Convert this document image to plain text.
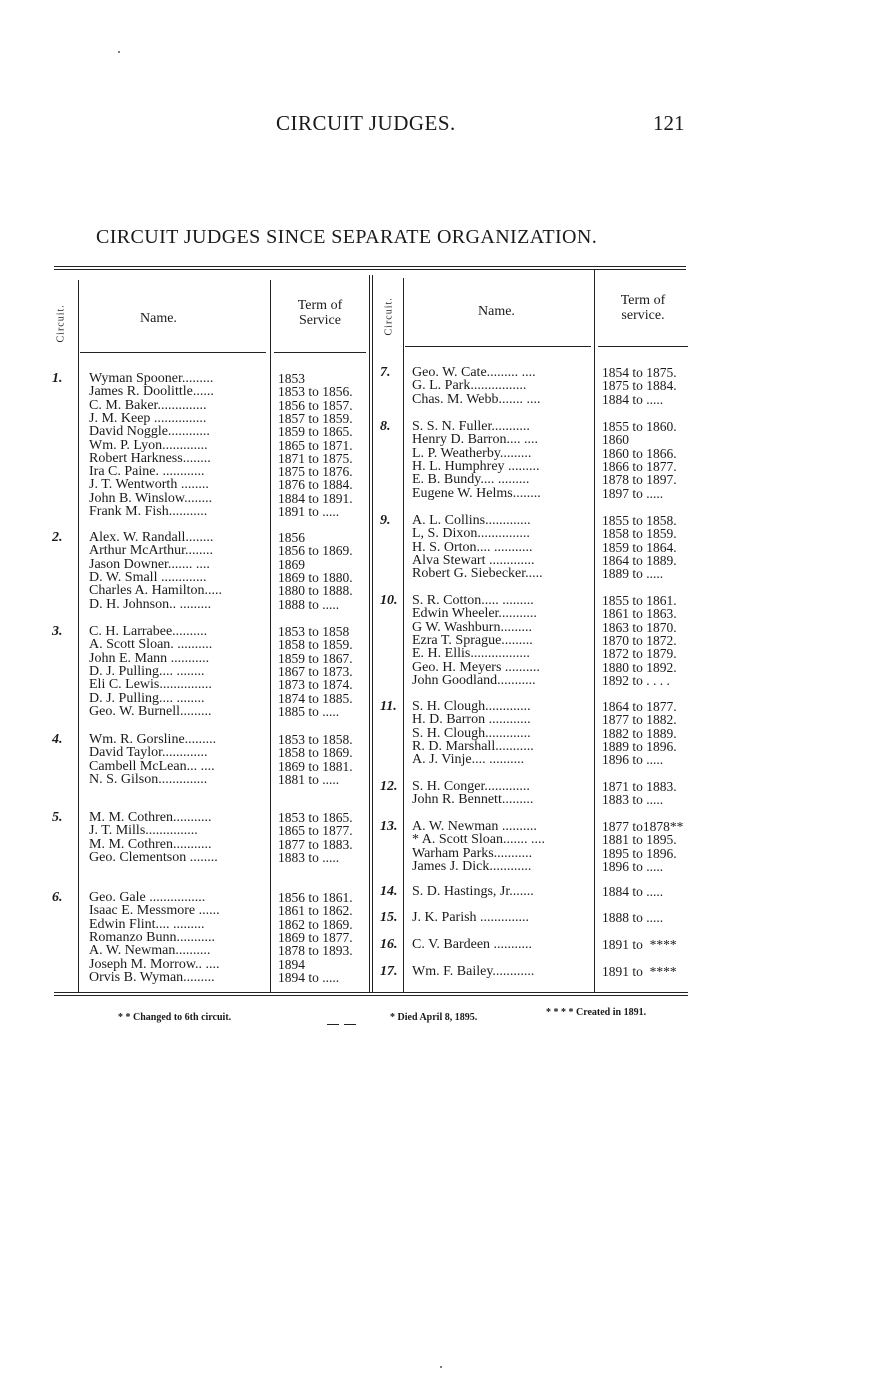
CIRCUIT JUDGES.	121
CIRCUIT JUDGES SINCE SEPARATE ORGANIZATION.
Circuit.	Name.
Term of
Service	Circuit.	Name.
Term of
service.
1. Wyman Spooner.........	1853
James R. Doolittle......	1853 to 1856.
C. M. Baker..............	1856 to 1857.
J. M. Keep ...............	1857 to 1859.
David Noggle............	1859 to 1865.
Wm. P. Lyon.............	1865 to 1871.
Robert Harkness........	1871 to 1875.
Ira C. Paine. ............	1875 to 1876.
J. T. Wentworth ........	1876 to 1884.
John B. Winslow........	1884 to 1891.
Frank M. Fish...........	1891 to .....
2. Alex. W. Randall........	1856
Arthur McArthur........	1856 to 1869.
Jason Downer....... ....	1869
D. W. Small .............	1869 to 1880.
Charles A. Hamilton.....	1880 to 1888.
D. H. Johnson.. .........	1888 to .....
3. C. H. Larrabee..........	1853 to 1858
A. Scott Sloan. ..........	1858 to 1859.
John E. Mann ...........	1859 to 1867.
D. J. Pulling.... ........	1867 to 1873.
Eli C. Lewis...............	1873 to 1874.
D. J. Pulling.... ........	1874 to 1885.
Geo. W. Burnell.........	1885 to .....
4. Wm. R. Gorsline.........	1853 to 1858.
David Taylor.............	1858 to 1869.
Cambell McLean... ....	1869 to 1881.
N. S. Gilson..............	1881 to .....
5. M. M. Cothren...........	1853 to 1865.
J. T. Mills...............	1865 to 1877.
M. M. Cothren...........	1877 to 1883.
Geo. Clementson ........	1883 to .....
6. Geo. Gale ................	1856 to 1861.
Isaac E. Messmore ......	1861 to 1862.
Edwin Flint.... .........	1862 to 1869.
Romanzo Bunn...........	1869 to 1877.
A. W. Newman..........	1878 to 1893.
Joseph M. Morrow.. ....	1894
Orvis B. Wyman.........	1894 to .....
7. Geo. W. Cate......... ....	1854 to 1875.
G. L. Park................	1875 to 1884.
Chas. M. Webb....... ....	1884 to .....
8. S. S. N. Fuller...........	1855 to 1860.
Henry D. Barron.... ....	1860
L. P. Weatherby.........	1860 to 1866.
H. L. Humphrey .........	1866 to 1877.
E. B. Bundy.... .........	1878 to 1897.
Eugene W. Helms........	1897 to .....
9. A. L. Collins.............	1855 to 1858.
L, S. Dixon...............	1858 to 1859.
H. S. Orton.... ...........	1859 to 1864.
Alva Stewart .............	1864 to 1889.
Robert G. Siebecker.....	1889 to .....
10. S. R. Cotton..... .........	1855 to 1861.
Edwin Wheeler...........	1861 to 1863.
G W. Washburn.........	1863 to 1870.
Ezra T. Sprague.........	1870 to 1872.
E. H. Ellis.................	1872 to 1879.
Geo. H. Meyers ..........	1880 to 1892.
John Goodland...........	1892 to . . . .
11. S. H. Clough.............	1864 to 1877.
H. D. Barron ............	1877 to 1882.
S. H. Clough.............	1882 to 1889.
R. D. Marshall...........	1889 to 1896.
A. J. Vinje.... ..........	1896 to .....
12. S. H. Conger.............	1871 to 1883.
John R. Bennett.........	1883 to .....
13. A. W. Newman ..........	1877 to1878**
* A. Scott Sloan....... ....	1881 to 1895.
Warham Parks...........	1895 to 1896.
James J. Dick............	1896 to .....
14. S. D. Hastings, Jr.......	1884 to .....
15. J. K. Parish ..............	1888 to .....
16. C. V. Bardeen ...........	1891 to  ****
17. Wm. F. Bailey............	1891 to  ****
* * Changed to 6th circuit.	* Died April 8, 1895.	* * * * Created in 1891.
